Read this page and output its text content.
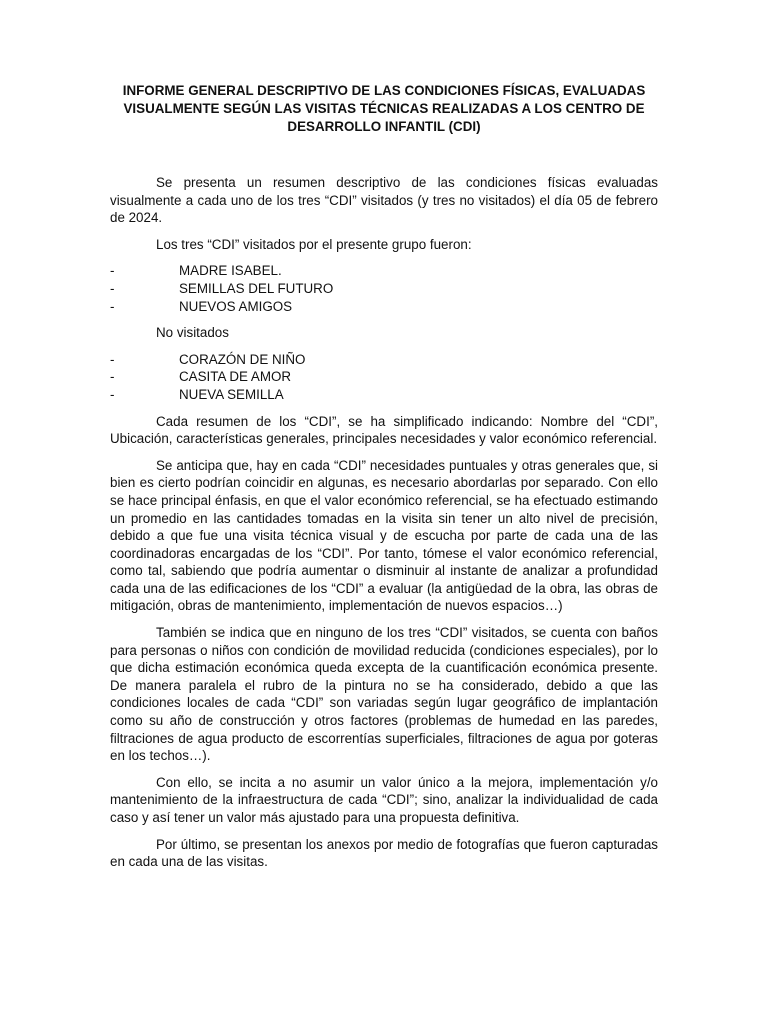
INFORME GENERAL DESCRIPTIVO DE LAS CONDICIONES FÍSICAS, EVALUADAS VISUALMENTE SEGÚN LAS VISITAS TÉCNICAS REALIZADAS A LOS CENTRO DE DESARROLLO INFANTIL (CDI)

Se presenta un resumen descriptivo de las condiciones físicas evaluadas visualmente a cada uno de los tres “CDI” visitados (y tres no visitados) el día 05 de febrero de 2024.

Los tres “CDI” visitados por el presente grupo fueron:

-	MADRE ISABEL.
-	SEMILLAS DEL FUTURO
-	NUEVOS AMIGOS

No visitados

-	CORAZÓN DE NIÑO
-	CASITA DE AMOR
-	NUEVA SEMILLA

Cada resumen de los “CDI”, se ha simplificado indicando: Nombre del “CDI”, Ubicación, características generales, principales necesidades y valor económico referencial.

Se anticipa que, hay en cada “CDI” necesidades puntuales y otras generales que, si bien es cierto podrían coincidir en algunas, es necesario abordarlas por separado. Con ello se hace principal énfasis, en que el valor económico referencial, se ha efectuado estimando un promedio en las cantidades tomadas en la visita sin tener un alto nivel de precisión, debido a que fue una visita técnica visual y de escucha por parte de cada una de las coordinadoras encargadas de los “CDI”. Por tanto, tómese el valor económico referencial, como tal, sabiendo que podría aumentar o disminuir al instante de analizar a profundidad cada una de las edificaciones de los “CDI” a evaluar (la antigüedad de la obra, las obras de mitigación, obras de mantenimiento, implementación de nuevos espacios…)

También se indica que en ninguno de los tres “CDI” visitados, se cuenta con baños para personas o niños con condición de movilidad reducida (condiciones especiales), por lo que dicha estimación económica queda excepta de la cuantificación económica presente. De manera paralela el rubro de la pintura no se ha considerado, debido a que las condiciones locales de cada “CDI” son variadas según lugar geográfico de implantación como su año de construcción y otros factores (problemas de humedad en las paredes, filtraciones de agua producto de escorrentías superficiales, filtraciones de agua por goteras en los techos…).

Con ello, se incita a no asumir un valor único a la mejora, implementación y/o mantenimiento de la infraestructura de cada “CDI”; sino, analizar la individualidad de cada caso y así tener un valor más ajustado para una propuesta definitiva.

Por último, se presentan los anexos por medio de fotografías que fueron capturadas en cada una de las visitas.
